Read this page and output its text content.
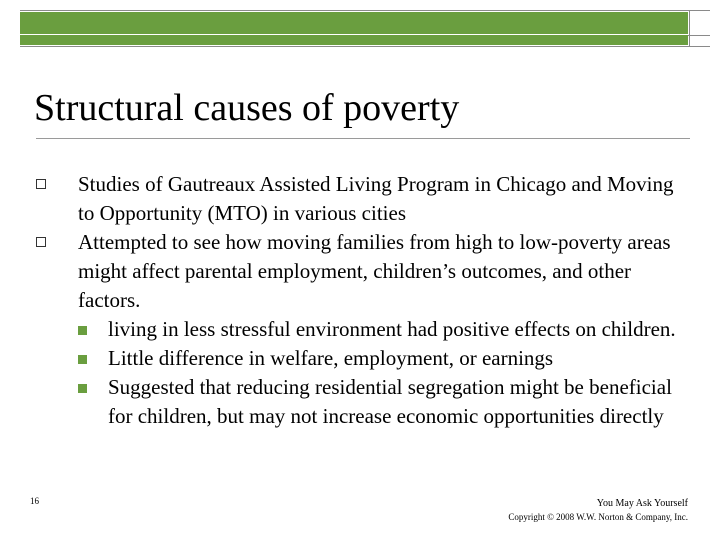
Structural causes of poverty
Studies of Gautreaux Assisted Living Program in Chicago and Moving to Opportunity (MTO) in various cities
Attempted to see how moving families from high to low-poverty areas might affect parental employment, children’s outcomes, and other factors.
living in less stressful environment had positive effects on children.
Little difference in welfare, employment, or earnings
Suggested that reducing residential segregation might be beneficial for children, but may not increase economic opportunities directly
16	You May Ask Yourself
Copyright © 2008 W.W. Norton & Company, Inc.
